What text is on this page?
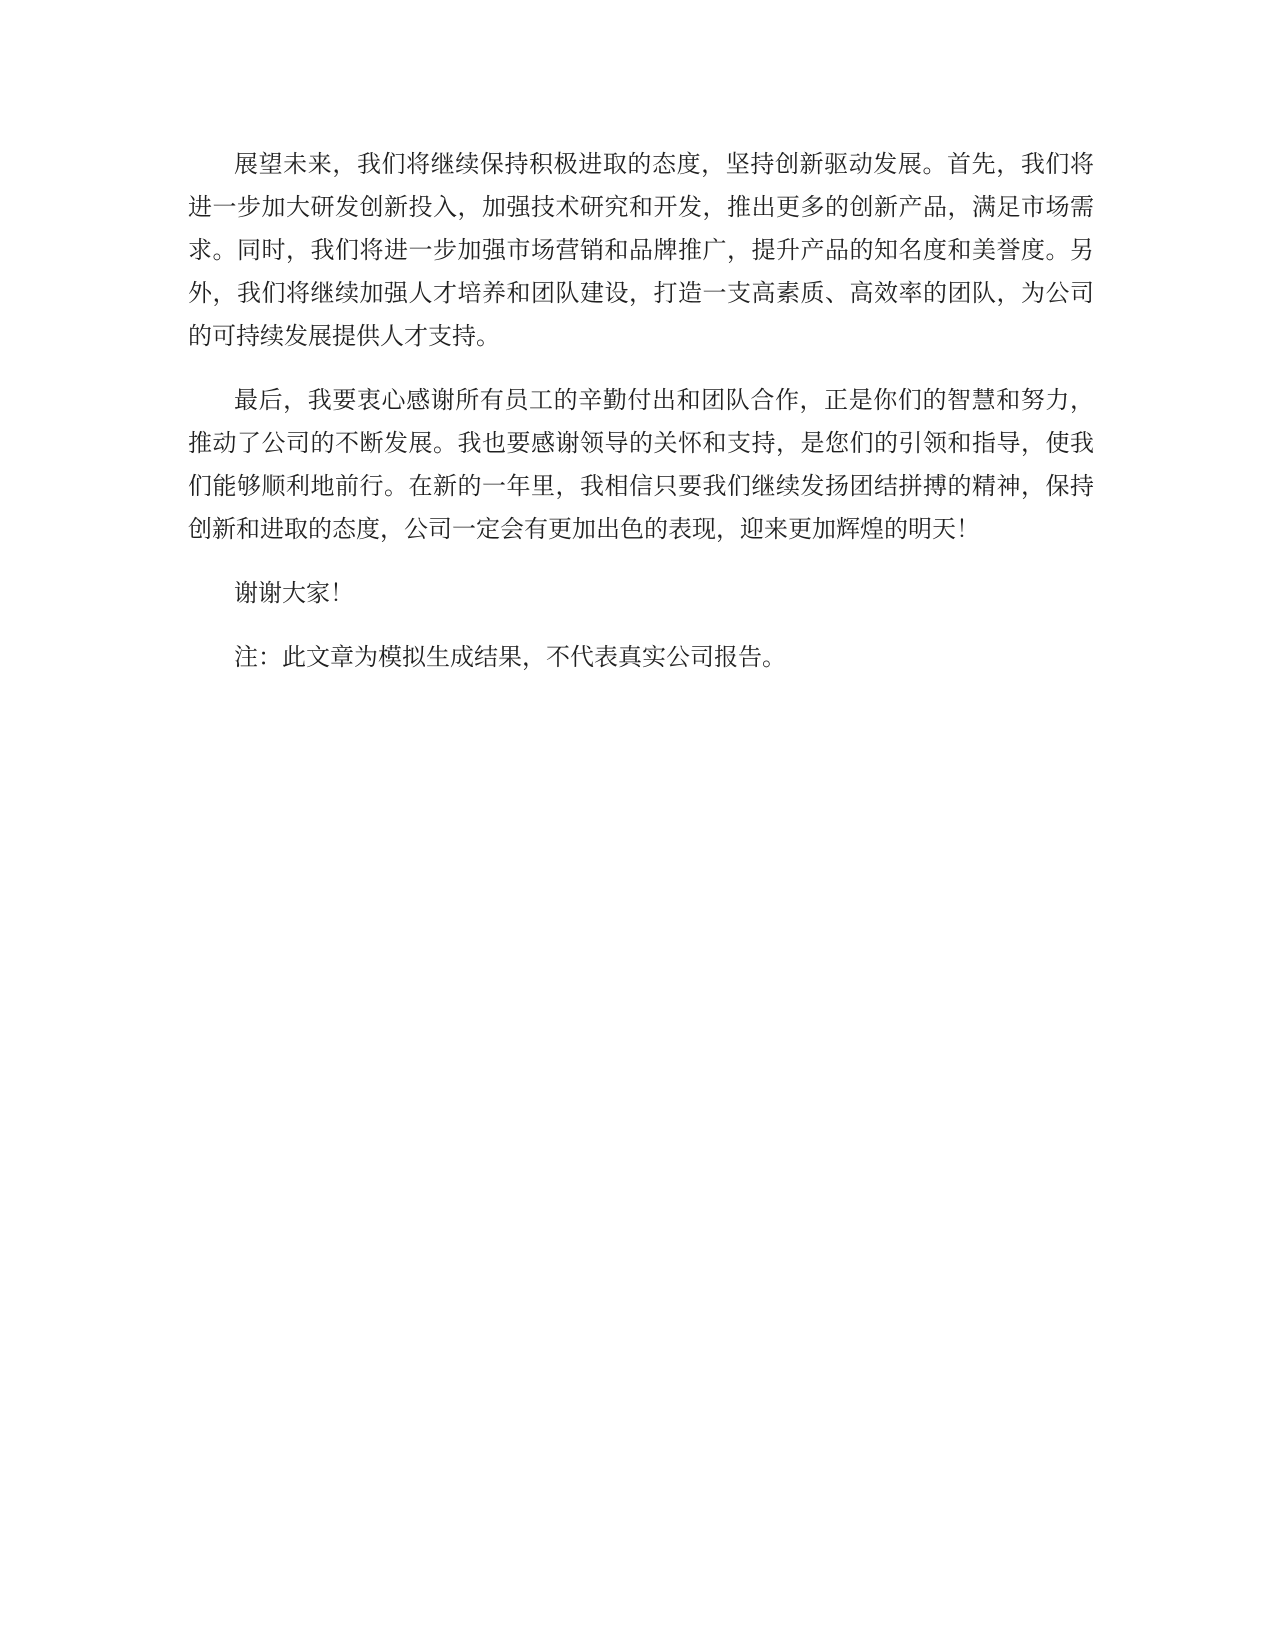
展望未来，我们将继续保持积极进取的态度，坚持创新驱动发展。首先，我们将进一步加大研发创新投入，加强技术研究和开发，推出更多的创新产品，满足市场需求。同时，我们将进一步加强市场营销和品牌推广，提升产品的知名度和美誉度。另外，我们将继续加强人才培养和团队建设，打造一支高素质、高效率的团队，为公司的可持续发展提供人才支持。

最后，我要衷心感谢所有员工的辛勤付出和团队合作，正是你们的智慧和努力，推动了公司的不断发展。我也要感谢领导的关怀和支持，是您们的引领和指导，使我们能够顺利地前行。在新的一年里，我相信只要我们继续发扬团结拼搏的精神，保持创新和进取的态度，公司一定会有更加出色的表现，迎来更加辉煌的明天！

谢谢大家！

注：此文章为模拟生成结果，不代表真实公司报告。
